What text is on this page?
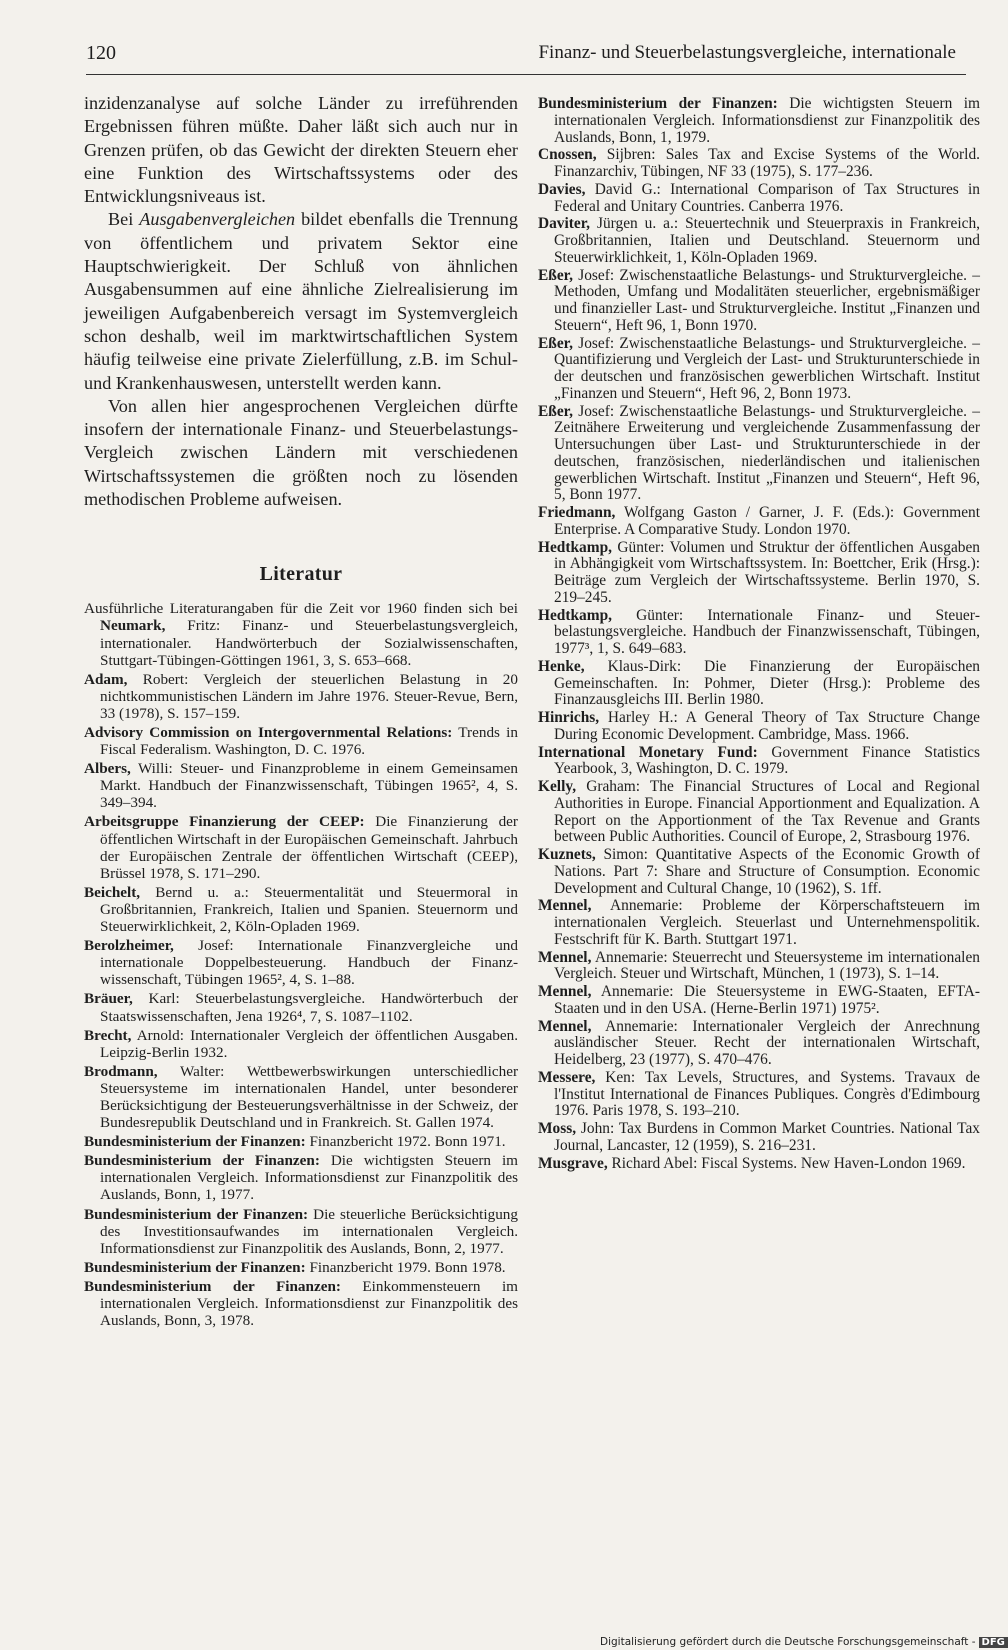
120	Finanz- und Steuerbelastungsvergleiche, internationale

inzidenzanalyse auf solche Länder zu irreführenden Ergebnissen führen müßte. Daher läßt sich auch nur in Grenzen prüfen, ob das Gewicht der direkten Steuern eher eine Funktion des Wirtschaftssystems oder des Entwicklungsniveaus ist.

Bei Ausgabenvergleichen bildet ebenfalls die Trennung von öffentlichem und privatem Sektor eine Hauptschwierigkeit. Der Schluß von ähnlichen Ausgabensummen auf eine ähnliche Zielrealisierung im jeweiligen Aufgabenbereich versagt im Systemvergleich schon deshalb, weil im marktwirtschaftlichen System häufig teilweise eine private Zielerfüllung, z.B. im Schul- und Krankenhauswesen, unterstellt werden kann.

Von allen hier angesprochenen Vergleichen dürfte insofern der internationale Finanz- und Steuerbelastungs-Vergleich zwischen Ländern mit verschiedenen Wirtschaftssystemen die größten noch zu lösenden methodischen Probleme aufweisen.

Literatur

Ausführliche Literaturangaben für die Zeit vor 1960 finden sich bei Neumark, Fritz: Finanz- und Steuerbelastungsvergleich, internationaler. Handwörterbuch der Sozialwissenschaften, Stuttgart-Tübingen-Göttingen 1961, 3, S. 653–668.

Adam, Robert: Vergleich der steuerlichen Belastung in 20 nichtkommunistischen Ländern im Jahre 1976. Steuer-Revue, Bern, 33 (1978), S. 157–159.

Advisory Commission on Intergovernmental Relations: Trends in Fiscal Federalism. Washington, D. C. 1976.

Albers, Willi: Steuer- und Finanzprobleme in einem Gemeinsamen Markt. Handbuch der Finanzwissenschaft, Tübingen 1965², 4, S. 349–394.

Arbeitsgruppe Finanzierung der CEEP: Die Finanzierung der öffentlichen Wirtschaft in der Europäischen Gemeinschaft. Jahrbuch der Europäischen Zentrale der öffentlichen Wirtschaft (CEEP), Brüssel 1978, S. 171–290.

Beichelt, Bernd u. a.: Steuermentalität und Steuermoral in Großbritannien, Frankreich, Italien und Spanien. Steuernorm und Steuerwirklichkeit, 2, Köln-Opladen 1969.

Berolzheimer, Josef: Internationale Finanzvergleiche und internationale Doppelbesteuerung. Handbuch der Finanzwissenschaft, Tübingen 1965², 4, S. 1–88.

Bräuer, Karl: Steuerbelastungsvergleiche. Handwörterbuch der Staatswissenschaften, Jena 1926⁴, 7, S. 1087–1102.

Brecht, Arnold: Internationaler Vergleich der öffentlichen Ausgaben. Leipzig-Berlin 1932.

Brodmann, Walter: Wettbewerbswirkungen unterschiedlicher Steuersysteme im internationalen Handel, unter besonderer Berücksichtigung der Besteuerungsverhältnisse in der Schweiz, der Bundesrepublik Deutschland und in Frankreich. St. Gallen 1974.

Bundesministerium der Finanzen: Finanzbericht 1972. Bonn 1971.

Bundesministerium der Finanzen: Die wichtigsten Steuern im internationalen Vergleich. Informationsdienst zur Finanzpolitik des Auslands, Bonn, 1, 1977.

Bundesministerium der Finanzen: Die steuerliche Berücksichtigung des Investitionsaufwandes im internationalen Vergleich. Informationsdienst zur Finanzpolitik des Auslands, Bonn, 2, 1977.

Bundesministerium der Finanzen: Finanzbericht 1979. Bonn 1978.

Bundesministerium der Finanzen: Einkommensteuern im internationalen Vergleich. Informationsdienst zur Finanzpolitik des Auslands, Bonn, 3, 1978.

Bundesministerium der Finanzen: Die wichtigsten Steuern im internationalen Vergleich. Informationsdienst zur Finanzpolitik des Auslands, Bonn, 1, 1979.

Cnossen, Sijbren: Sales Tax and Excise Systems of the World. Finanzarchiv, Tübingen, NF 33 (1975), S. 177–236.

Davies, David G.: International Comparison of Tax Structures in Federal and Unitary Countries. Canberra 1976.

Daviter, Jürgen u. a.: Steuertechnik und Steuerpraxis in Frankreich, Großbritannien, Italien und Deutschland. Steuernorm und Steuerwirklichkeit, 1, Köln-Opladen 1969.

Eßer, Josef: Zwischenstaatliche Belastungs- und Strukturvergleiche. – Methoden, Umfang und Modalitäten steuerlicher, ergebnismäßiger und finanzieller Last- und Strukturvergleiche. Institut „Finanzen und Steuern“, Heft 96, 1, Bonn 1970.

Eßer, Josef: Zwischenstaatliche Belastungs- und Strukturvergleiche. – Quantifizierung und Vergleich der Last- und Strukturunterschiede in der deutschen und französischen gewerblichen Wirtschaft. Institut „Finanzen und Steuern“, Heft 96, 2, Bonn 1973.

Eßer, Josef: Zwischenstaatliche Belastungs- und Strukturvergleiche. – Zeitnähere Erweiterung und vergleichende Zusammenfassung der Untersuchungen über Last- und Strukturunterschiede in der deutschen, französischen, niederländischen und italienischen gewerblichen Wirtschaft. Institut „Finanzen und Steuern“, Heft 96, 5, Bonn 1977.

Friedmann, Wolfgang Gaston / Garner, J. F. (Eds.): Government Enterprise. A Comparative Study. London 1970.

Hedtkamp, Günter: Volumen und Struktur der öffentlichen Ausgaben in Abhängigkeit vom Wirtschaftssystem. In: Boettcher, Erik (Hrsg.): Beiträge zum Vergleich der Wirtschaftssysteme. Berlin 1970, S. 219–245.

Hedtkamp, Günter: Internationale Finanz- und Steuerbelastungsvergleiche. Handbuch der Finanzwissenschaft, Tübingen, 1977³, 1, S. 649–683.

Henke, Klaus-Dirk: Die Finanzierung der Europäischen Gemeinschaften. In: Pohmer, Dieter (Hrsg.): Probleme des Finanzausgleichs III. Berlin 1980.

Hinrichs, Harley H.: A General Theory of Tax Structure Change During Economic Development. Cambridge, Mass. 1966.

International Monetary Fund: Government Finance Statistics Yearbook, 3, Washington, D. C. 1979.

Kelly, Graham: The Financial Structures of Local and Regional Authorities in Europe. Financial Apportionment and Equalization. A Report on the Apportionment of the Tax Revenue and Grants between Public Authorities. Council of Europe, 2, Strasbourg 1976.

Kuznets, Simon: Quantitative Aspects of the Economic Growth of Nations. Part 7: Share and Structure of Consumption. Economic Development and Cultural Change, 10 (1962), S. 1ff.

Mennel, Annemarie: Probleme der Körperschaftsteuern im internationalen Vergleich. Steuerlast und Unternehmenspolitik. Festschrift für K. Barth. Stuttgart 1971.

Mennel, Annemarie: Steuerrecht und Steuersysteme im internationalen Vergleich. Steuer und Wirtschaft, München, 1 (1973), S. 1–14.

Mennel, Annemarie: Die Steuersysteme in EWG-Staaten, EFTA-Staaten und in den USA. (Herne-Berlin 1971) 1975².

Mennel, Annemarie: Internationaler Vergleich der Anrechnung ausländischer Steuer. Recht der internationalen Wirtschaft, Heidelberg, 23 (1977), S. 470–476.

Messere, Ken: Tax Levels, Structures, and Systems. Travaux de l'Institut International de Finances Publiques. Congrès d'Edimbourg 1976. Paris 1978, S. 193–210.

Moss, John: Tax Burdens in Common Market Countries. National Tax Journal, Lancaster, 12 (1959), S. 216–231.

Musgrave, Richard Abel: Fiscal Systems. New Haven-London 1969.

Digitalisierung gefördert durch die Deutsche Forschungsgemeinschaft - DFG
